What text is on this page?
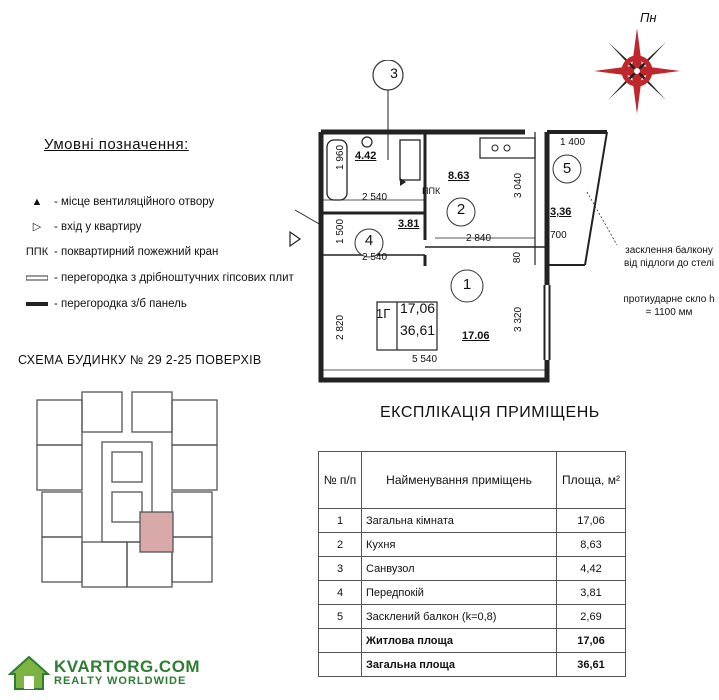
Пн
Умовні позначення:
▲	- місце вентиляційного отвору
▷	- вхід у квартиру
ППК - поквартирний пожежний кран
- перегородка з дрібноштучних гіпсових плит
- перегородка з/б панель
СХЕМА БУДИНКУ № 29 2-25 ПОВЕРХІВ
3
4.42
8.63
3.81
17.06
3,36
2
4
1
5
ППК
1Г 17,06
36,61
1 960
2 540
1 500
2 540
2 840
3 040
1 400
700
80
3 320
2 820
5 540
засклення балкону від підлоги до стелі
протиударне скло h = 1100 мм
ЕКСПЛІКАЦІЯ ПРИМІЩЕНЬ
№ п/п	Найменування приміщень	Площа, м²
1	Загальна кімната	17,06
2	Кухня	8,63
3	Санвузол	4,42
4	Передпокій	3,81
5	Засклений балкон (k=0,8)	2,69
	Житлова площа	17,06
	Загальна площа	36,61
KVARTORG.COM
REALTY WORLDWIDE
